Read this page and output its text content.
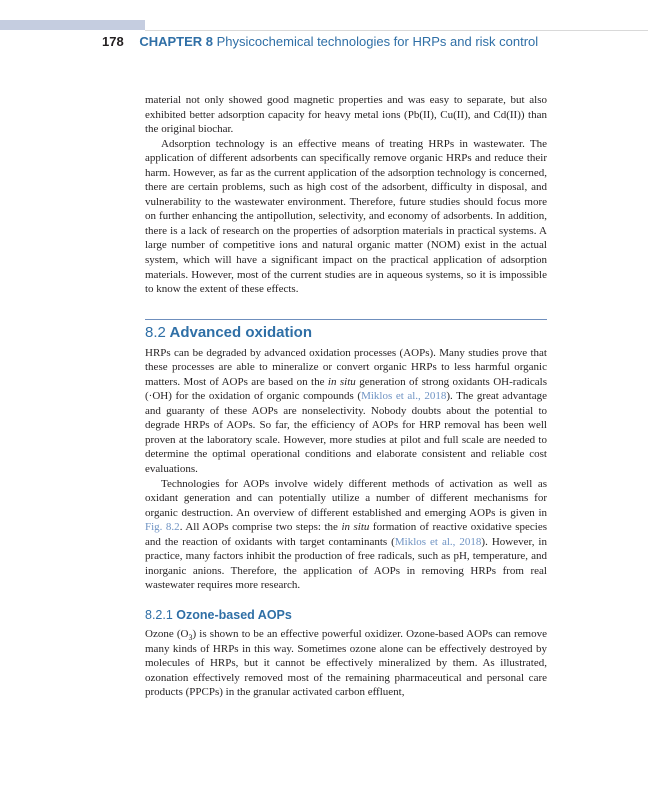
178 CHAPTER 8 Physicochemical technologies for HRPs and risk control

material not only showed good magnetic properties and was easy to separate, but also exhibited better adsorption capacity for heavy metal ions (Pb(II), Cu(II), and Cd(II)) than the original biochar.

Adsorption technology is an effective means of treating HRPs in wastewater. The application of different adsorbents can specifically remove organic HRPs and reduce their harm. However, as far as the current application of the adsorption technology is concerned, there are certain problems, such as high cost of the adsorbent, difficulty in disposal, and vulnerability to the wastewater environment. Therefore, future studies should focus more on further enhancing the antipollution, selectivity, and economy of adsorbents. In addition, there is a lack of research on the properties of adsorption materials in practical systems. A large number of competitive ions and natural organic matter (NOM) exist in the actual system, which will have a significant impact on the practical application of adsorption materials. However, most of the current studies are in aqueous systems, so it is impossible to know the extent of these effects.

8.2 Advanced oxidation

HRPs can be degraded by advanced oxidation processes (AOPs). Many studies prove that these processes are able to mineralize or convert organic HRPs to less harmful organic matters. Most of AOPs are based on the in situ generation of strong oxidants OH-radicals (·OH) for the oxidation of organic compounds (Miklos et al., 2018). The great advantage and guaranty of these AOPs are nonselectivity. Nobody doubts about the potential to degrade HRPs of AOPs. So far, the efficiency of AOPs for HRP removal has been well proven at the laboratory scale. However, more studies at pilot and full scale are needed to determine the optimal operational conditions and elaborate consistent and reliable cost evaluations.

Technologies for AOPs involve widely different methods of activation as well as oxidant generation and can potentially utilize a number of different mechanisms for organic destruction. An overview of different established and emerging AOPs is given in Fig. 8.2. All AOPs comprise two steps: the in situ formation of reactive oxidative species and the reaction of oxidants with target contaminants (Miklos et al., 2018). However, in practice, many factors inhibit the production of free radicals, such as pH, temperature, and inorganic anions. Therefore, the application of AOPs in removing HRPs from real wastewater requires more research.

8.2.1 Ozone-based AOPs

Ozone $(O_3)$ is shown to be an effective powerful oxidizer. Ozone-based AOPs can remove many kinds of HRPs in this way. Sometimes ozone alone can be effectively destroyed by molecules of HRPs, but it cannot be effectively mineralized by them. As illustrated, ozonation effectively removed most of the remaining pharmaceutical and personal care products (PPCPs) in the granular activated carbon effluent,
